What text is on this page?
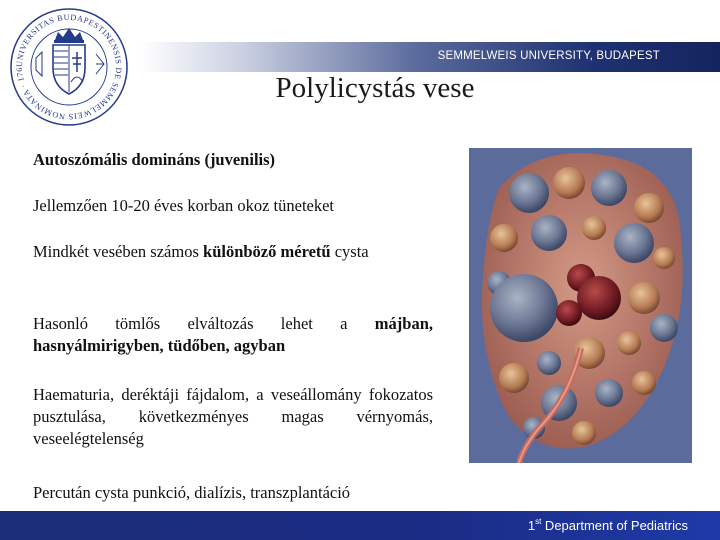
UNIVERSITAS BUDAPESTINENSIS DE SEMMELWEIS NOMINATA · 176
SEMMELWEIS UNIVERSITY, BUDAPEST
Polylicystás vese
Autoszómális domináns (juvenilis)
Jellemzően 10-20 éves korban okoz tüneteket
Mindkét vesében számos különböző méretű cysta
Hasonló tömlős elváltozás lehet a májban, hasnyálmirigyben, tüdőben, agyban
Haematuria, deréktáji fájdalom, a veseállomány fokozatos pusztulása, következményes magas vérnyomás, veseelégtelenség
Percután cysta punkció, dialízis, transzplantáció
1st Department of Pediatrics
